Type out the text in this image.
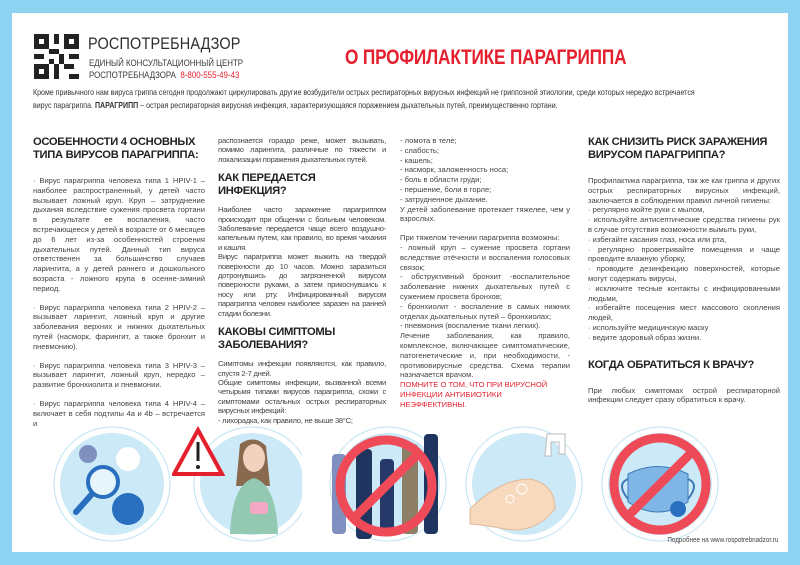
РОСПОТРЕБНАДЗОР
ЕДИНЫЙ КОНСУЛЬТАЦИОННЫЙ ЦЕНТР
РОСПОТРЕБНАДЗОРА 8-800-555-49-43
О ПРОФИЛАКТИКЕ ПАРАГРИППА
Кроме привычного нам вируса гриппа сегодня продолжают циркулировать другие возбудители острых респираторных вирусных инфекций не гриппозной этиологии, среди которых нередко встречается вирус парагриппа. ПАРАГРИПП – острая респираторная вирусная инфекция, характеризующаяся поражением дыхательных путей, преимущественно гортани.
ОСОБЕННОСТИ 4 ОСНОВНЫХ ТИПА ВИРУСОВ ПАРАГРИППА:

· Вирус парагриппа человека типа 1 HPIV-1 – наиболее распространенный, у детей часто вызывает ложный круп. Круп – затруднение дыхания вследствие сужения просвета гортани в результате ее воспаления, часто встречающееся у детей в возрасте от 6 месяцев до 6 лет из-за особенностей строения дыхательных путей. Данный тип вируса ответственен за большинство случаев ларингита, а у детей раннего и дошкольного возраста - ложного крупа в осенне-зимний период.

· Вирус парагриппа человека типа 2 HPIV-2 – вызывает ларингит, ложный круп и другие заболевания верхних и нижних дыхательных путей (насморк, фарингит, а также бронхит и пневмонию).

· Вирус парагриппа человека типа 3 HPIV-3 – вызывает ларингит, ложный круп, нередко – развитие бронхиолита и пневмонии.

· Вирус парагриппа человека типа 4 HPIV-4 – включает в себя подтипы 4a и 4b – встречается и

распознается гораздо реже, может вызывать, помимо ларингита, различные по тяжести и локализации поражения дыхательных путей.

КАК ПЕРЕДАЕТСЯ ИНФЕКЦИЯ?

Наиболее часто заражение парагриппом происходит при общении с больным человеком. Заболевание передается чаще всего воздушно-капельным путем, как правило, во время чихания и кашля.

Вирус парагриппа может выжить на твердой поверхности до 10 часов. Можно заразиться дотронувшись до загрязненной вирусом поверхности руками, а затем прикоснувшись к носу или рту. Инфицированный вирусом парагриппа человек наиболее заразен на ранней стадии болезни.

КАКОВЫ СИМПТОМЫ ЗАБОЛЕВАНИЯ?

Симптомы инфекции появляются, как правило, спустя 2-7 дней.

Общие симптомы инфекции, вызванной всеми четырьмя типами вирусов парагриппа, схожи с симптомами остальных острых респираторных вирусных инфекций:

- лихорадка, как правило, не выше 38°C;

- ломота в теле;
- слабость;
- кашель;
- насморк, заложенность носа;
- боль в области груди;
- першение, боли в горле;
- затрудненное дыхание.

У детей заболевание протекает тяжелее, чем у взрослых.

При тяжелом течении парагриппа возможны:

- ложный круп – сужение просвета гортани вследствие отёчности и воспаления голосовых связок;

- обструктивный бронхит -воспалительное заболевание нижних дыхательных путей с сужением просвета бронхов;

- бронхиолит - воспаление в самых нижних отделах дыхательных путей – бронхиолах;

- пневмония (воспаление ткани легких).

Лечение заболевания, как правило, комплексное, включающее симптоматические, патогенетические и, при необходимости, - противовирусные средства. Схема терапии назначается врачом.

ПОМНИТЕ О ТОМ, ЧТО ПРИ ВИРУСНОЙ ИНФЕКЦИИ АНТИБИОТИКИ НЕЭФФЕКТИВНЫ.

КАК СНИЗИТЬ РИСК ЗАРАЖЕНИЯ ВИРУСОМ ПАРАГРИППА?

Профилактика парагриппа, так же как гриппа и других острых респираторных вирусных инфекций, заключается в соблюдении правил личной гигиены:

· регулярно мойте руки с мылом,
· используйте антисептические средства гигиены рук в случае отсутствия возможности вымыть руки,
· избегайте касания глаз, носа или рта,
· регулярно проветривайте помещения и чаще проводите влажную уборку,
· проводите дезинфекцию поверхностей, которые могут содержать вирусы,
· исключите тесные контакты с инфицированными людьми,
· избегайте посещения мест массового скопления людей,
· используйте медицинскую маску
· ведите здоровый образ жизни.
КОГДА ОБРАТИТЬСЯ К ВРАЧУ?

При любых симптомах острой респираторной инфекции следует сразу обратиться к врачу.

Подробнее на www.rospotrebnadzor.ru
